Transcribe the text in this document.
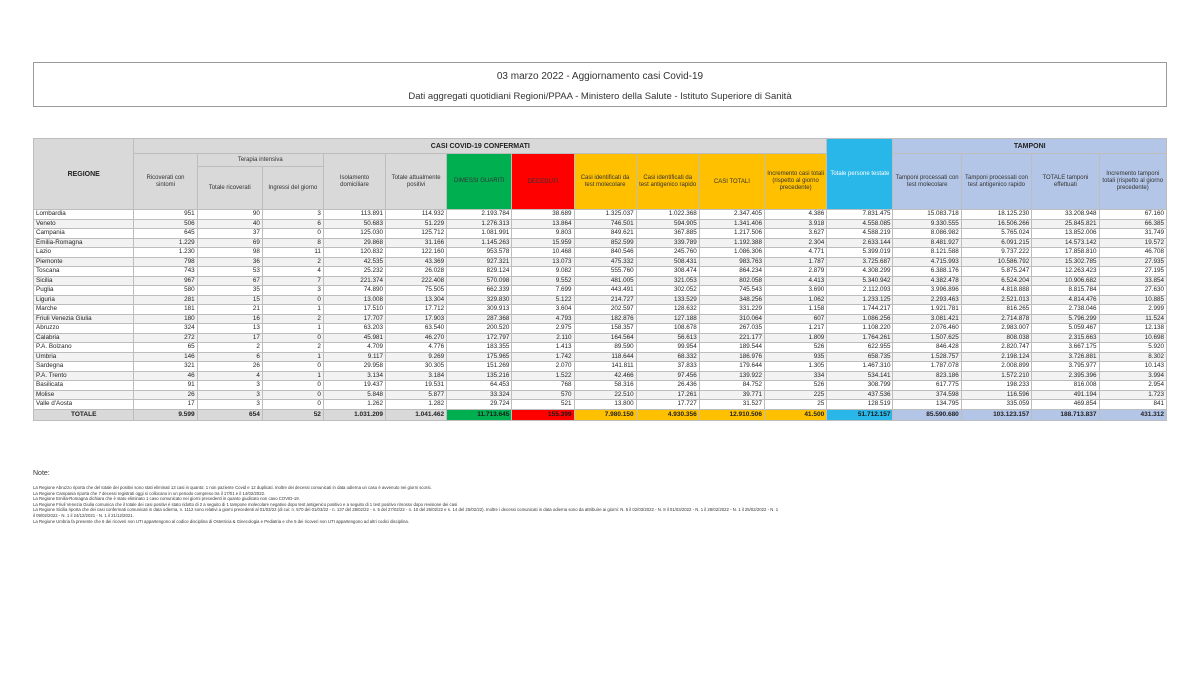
03 marzo 2022 - Aggiornamento casi Covid-19
Dati aggregati quotidiani Regioni/PPAA - Ministero della Salute - Istituto Superiore di Sanità
REGIONE	CASI COVID-19 CONFERMATI											Totale persone testate	TAMPONI			
	Ricoverati con sintomi	Terapia intensiva		Isolamento domiciliare	Totale attualmente positivi	DIMESSI GUARITI	DECEDUTI	Casi identificati da test molecolare	Casi identificati da test antigenico rapido	CASI TOTALI	Incremento casi totali (rispetto al giorno precedente)		Tamponi processati con test molecolare	Tamponi processati con test antigenico rapido	TOTALE tamponi effettuati	Incremento tamponi totali (rispetto al giorno precedente)
		Totale ricoverati	Ingressi del giorno													
Lombardia	951	90	3	113.891	114.932	2.193.784	38.689	1.325.037	1.022.368	2.347.405	4.386	7.831.475	15.083.718	18.125.230	33.208.948	67.160
Veneto	506	40	6	50.683	51.229	1.276.313	13.864	746.501	594.905	1.341.406	3.918	4.558.085	9.330.555	16.506.266	25.845.821	66.385
Campania	645	37	0	125.030	125.712	1.081.991	9.803	849.621	367.885	1.217.506	3.627	4.588.219	8.086.982	5.765.024	13.852.006	31.749
Emilia-Romagna	1.229	69	8	29.868	31.166	1.145.263	15.959	852.599	339.789	1.192.388	2.304	2.633.144	8.481.927	6.091.215	14.573.142	19.572
Lazio	1.230	98	11	120.832	122.160	953.578	10.468	840.546	245.760	1.086.306	4.771	5.399.019	8.121.588	9.737.222	17.858.810	46.708
Piemonte	798	36	2	42.535	43.369	927.321	13.073	475.332	508.431	983.763	1.787	3.725.687	4.715.993	10.586.792	15.302.785	27.935
Toscana	743	53	4	25.232	26.028	829.124	9.082	555.760	308.474	864.234	2.879	4.308.299	6.388.176	5.875.247	12.263.423	27.195
Sicilia	967	67	7	221.374	222.408	570.098	9.552	481.005	321.053	802.058	4.413	5.340.942	4.382.478	6.524.204	10.906.682	33.854
Puglia	580	35	3	74.890	75.505	662.339	7.699	443.491	302.052	745.543	3.690	2.112.093	3.996.896	4.818.888	8.815.784	27.630
Liguria	281	15	0	13.008	13.304	329.830	5.122	214.727	133.529	348.256	1.062	1.233.125	2.293.463	2.521.013	4.814.476	10.885
Marche	181	21	1	17.510	17.712	309.913	3.604	202.597	128.632	331.229	1.158	1.744.217	1.921.781	816.265	2.738.046	2.999
Friuli Venezia Giulia	180	16	2	17.707	17.903	287.368	4.793	182.876	127.188	310.064	607	1.086.256	3.081.421	2.714.878	5.796.299	11.524
Abruzzo	324	13	1	63.203	63.540	200.520	2.975	158.357	108.678	267.035	1.217	1.108.220	2.076.460	2.983.007	5.059.467	12.138
Calabria	272	17	0	45.981	46.270	172.797	2.110	164.564	56.613	221.177	1.809	1.764.261	1.507.625	808.038	2.315.663	10.698
P.A. Bolzano	65	2	2	4.709	4.776	183.355	1.413	89.590	99.954	189.544	526	622.955	846.428	2.820.747	3.667.175	5.920
Umbria	146	6	1	9.117	9.269	175.965	1.742	118.644	68.332	186.976	935	658.735	1.528.757	2.198.124	3.726.881	8.302
Sardegna	321	26	0	29.958	30.305	151.269	2.070	141.811	37.833	179.644	1.305	1.467.310	1.787.078	2.008.899	3.795.977	10.143
P.A. Trento	46	4	1	3.134	3.184	135.216	1.522	42.466	97.456	139.922	334	534.141	823.186	1.572.210	2.395.396	3.994
Basilicata	91	3	0	19.437	19.531	64.453	768	58.316	26.436	84.752	526	308.799	617.775	198.233	816.008	2.954
Molise	26	3	0	5.848	5.877	33.324	570	22.510	17.261	39.771	225	437.536	374.598	116.596	491.194	1.723
Valle d'Aosta	17	3	0	1.262	1.282	29.724	521	13.800	17.727	31.527	25	128.519	134.795	335.059	469.854	841
TOTALE	9.599	654	52	1.031.209	1.041.462	11.713.645	155.399	7.980.150	4.930.356	12.910.506	41.500	51.712.157	85.590.680	103.123.157	188.713.837	431.312
Note:
La Regione Abruzzo riporta che del totale dei positivi sono stati eliminati 13 casi in quanto: 1 non paziente Covid e 12 duplicati. Inoltre dei decessi comunicati in data odierna un caso è avvenuto nei giorni scorsi.
La Regione Campania riporta che 7 decessi registrati oggi si collocano in un periodo compreso tra il 17/01 e il 14/02/2022.
La Regione Emilia-Romagna dichiara che è stato eliminato 1 caso comunicato nei giorni precedenti in quanto giudicato non caso COVID-19.
La Regione Friuli Venezia Giulia comunica che il totale dei casi positivi è stato ridotto di 2 a seguito di 1 tampone molecolare negativo dopo test antigenico positivo e a seguito di 1 test positivo rimosso dopo revisione dei casi
La Regione Sicilia riporta che dei casi confermati comunicati in data odierna, n. 1112 sono relativi a giorni precedenti al 01/03/22 (di cui: n. 570 del 01/03/22 - n. 137 del 28/02/22 - n. 5 del 27/02/22 - n. 10 del 26/02/22 e n. 14 del 25/02/22). Inoltre i decessi comunicati in data odierna sono da attribuire ai giorni: N. 5 il 02/03/2022 - N. 8 il 01/03/2022 - N. 1 il 28/02/2022 - N. 1 il 25/02/2022 - N. 1
il 09/02/2022 - N. 1 il 24/12/2021 - N. 1 il 21/12/2021.
La Regione Umbria fa presente che 6 dei ricoveri non UTI appartengono al codice disciplina di Ostetricia & Ginecologia e Pediatria e che 5 dei ricoveri non UTI appartengono ad altri codici disciplina.
